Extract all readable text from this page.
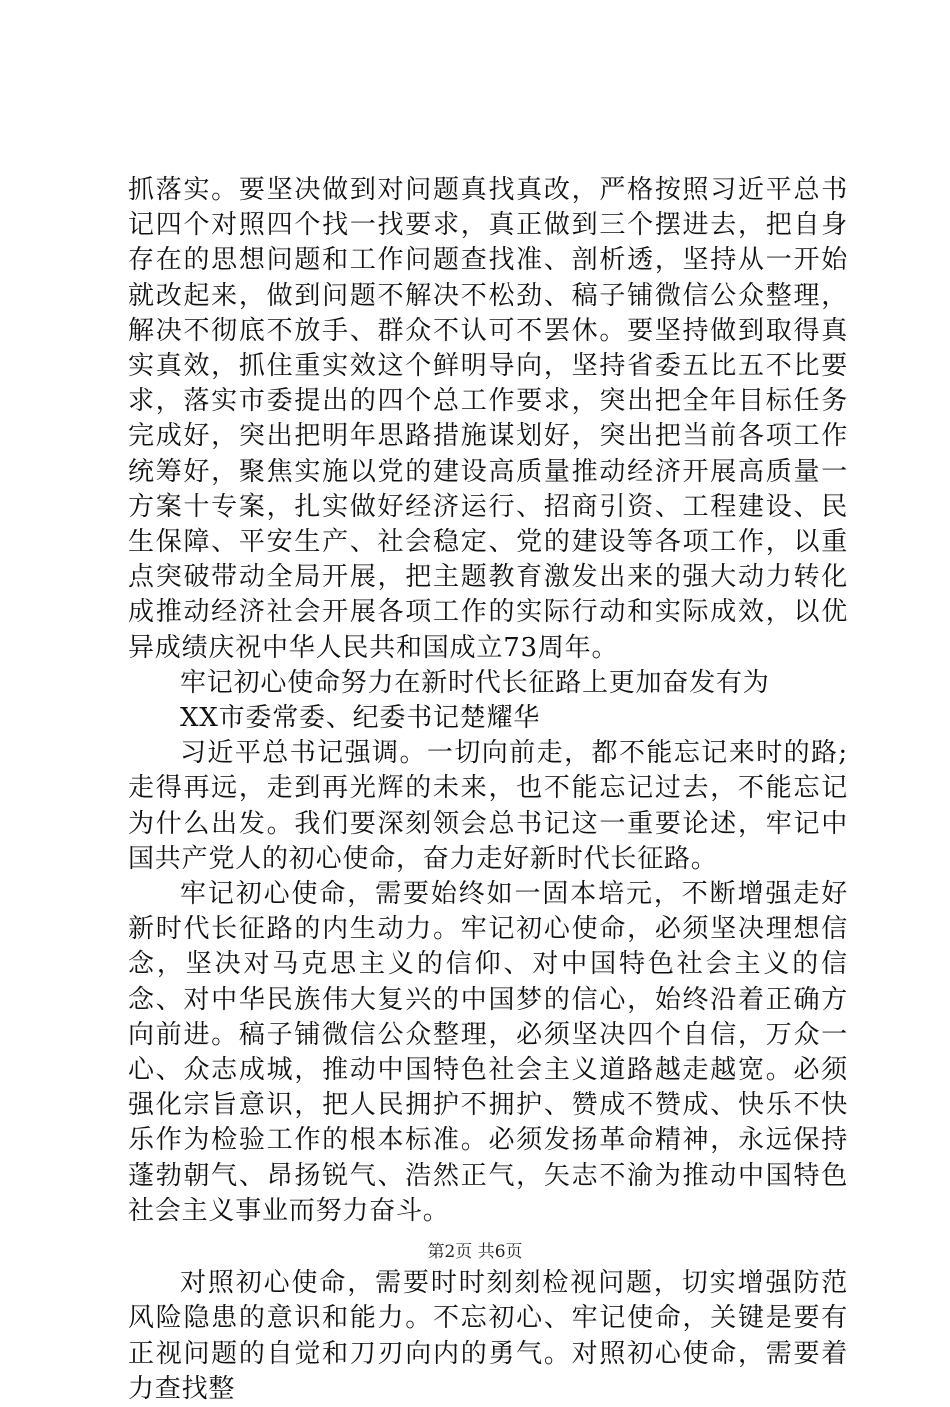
抓落实。要坚决做到对问题真找真改，严格按照习近平总书记四个对照四个找一找要求，真正做到三个摆进去，把自身存在的思想问题和工作问题查找准、剖析透，坚持从一开始就改起来，做到问题不解决不松劲、稿子铺微信公众整理，解决不彻底不放手、群众不认可不罢休。要坚持做到取得真实真效，抓住重实效这个鲜明导向，坚持省委五比五不比要求，落实市委提出的四个总工作要求，突出把全年目标任务完成好，突出把明年思路措施谋划好，突出把当前各项工作统筹好，聚焦实施以党的建设高质量推动经济开展高质量一方案十专案，扎实做好经济运行、招商引资、工程建设、民生保障、平安生产、社会稳定、党的建设等各项工作，以重点突破带动全局开展，把主题教育激发出来的强大动力转化成推动经济社会开展各项工作的实际行动和实际成效，以优异成绩庆祝中华人民共和国成立73周年。

牢记初心使命努力在新时代长征路上更加奋发有为

XX市委常委、纪委书记楚耀华

习近平总书记强调。一切向前走，都不能忘记来时的路;走得再远，走到再光辉的未来，也不能忘记过去，不能忘记为什么出发。我们要深刻领会总书记这一重要论述，牢记中国共产党人的初心使命，奋力走好新时代长征路。

牢记初心使命，需要始终如一固本培元，不断增强走好新时代长征路的内生动力。牢记初心使命，必须坚决理想信念，坚决对马克思主义的信仰、对中国特色社会主义的信念、对中华民族伟大复兴的中国梦的信心，始终沿着正确方向前进。稿子铺微信公众整理，必须坚决四个自信，万众一心、众志成城，推动中国特色社会主义道路越走越宽。必须强化宗旨意识，把人民拥护不拥护、赞成不赞成、快乐不快乐作为检验工作的根本标准。必须发扬革命精神，永远保持蓬勃朝气、昂扬锐气、浩然正气，矢志不渝为推动中国特色社会主义事业而努力奋斗。

对照初心使命，需要时时刻刻检视问题，切实增强防范风险隐患的意识和能力。不忘初心、牢记使命，关键是要有正视问题的自觉和刀刃向内的勇气。对照初心使命，需要着力查找整

第2页 共6页
